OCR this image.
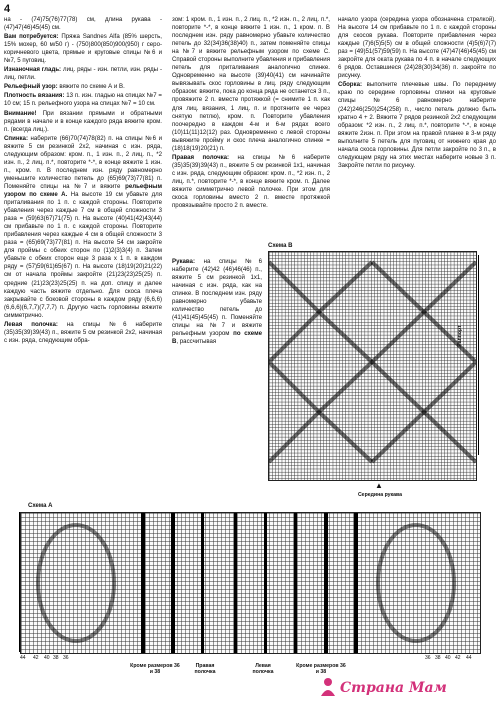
4

на - (74)75(76)77(78) см, длина рукава - (47)47(46)45(45) см.

Вам потребуется: Пряжа Sandnes Alfa (85% шерсть, 15% мохер, 60 м/50 г) - (750)800(850)900(950) г серо-коричневого цвета, прямые и круговые спицы №6 и №7, 5 пуговиц.

Изнаночная гладь: лиц. ряды - изн. петли, изн. ряды - лиц. петли.

Рельефный узор: вяжите по схеме А и В.

Плотность вязания: 13 п. изн. гладью на спицах №7 = 10 см; 15 п. рельефного узора на спицах №7 = 10 см.

Внимание! При вязании прямыми и обратными рядами в начале и в конце каждого ряда вяжите кром. п. (всегда лиц.).

Спинка: наберите (66)70(74)78(82) п. на спицы №6 и вяжите 5 см резинкой 2х2, начиная с изн. ряда, следующим образом: кром. п., 1 изн. п., 2 лиц. п., *2 изн. п., 2 лиц. п.*, повторите *-*, в конце вяжите 1 изн. п., кром. п. В последнем изн. ряду равномерно уменьшите количество петель до (65)69(73)77(81) п. Поменяйте спицы на №7 и вяжите рельефным узором по схеме А. На высоте 19 см убавьте для приталивания по 1 п. с каждой стороны. Повторите убавления через каждые 7 см в общей сложности 3 раза = (59)63(67)71(75) п. На высоте (40)41(42)43(44) см прибавьте по 1 п. с каждой стороны. Повторите прибавления через каждые 4 см в общей сложности 3 раза = (65)69(73)77(81) п. На высоте 54 см закройте для проймы с обеих сторон по (1)2(3)3(4) п. Затем убавьте с обеих сторон еще 3 раза х 1 п. в каждом ряду = (57)59(61)65(67) п. На высоте (18)19(20)21(22) см от начала проймы закройте (21)23(23)25(25) п. средние (21)23(23)25(25) п. на доп. спицу и далее каждую часть вяжите отдельно. Для скоса плеча закрывайте с боковой стороны в каждом ряду (6,6,6)(6,6,6)(6,7,7)(7,7,7) п. Другую часть горловины вяжите симметрично.

Левая полочка: на спицы №6 наберите (35)35(39)39(43) п., вяжите 5 см резинкой 2х2, начиная с изн. ряда, следующим обра-

зом: 1 кром. п., 1 изн. п., 2 лиц. п., *2 изн. п., 2 лиц. п.*, повторите *-*, в конце вяжите 1 изн. п., 1 кром. п. В последнем изн. ряду равномерно убавьте количество петель до 32(34)36(38)40) п., затем поменяйте спицы на №7 и вяжите рельефным узором по схеме С. Справой стороны выполните убавления и прибавления петель для приталивания аналогично спинке. Одновременно на высоте (39)40(41) см начинайте вывязывать скос горловины в лиц. ряду следующим образом: вяжите, пока до конца ряда не останется 3 п., провяжите 2 п. вместе протяжкой (= снимите 1 п. как для лиц. вязания, 1 лиц. п. и протяните ее через снятую петлю), кром. п. Повторите убавления поочередно в каждом 4-м и 6-м рядах всего (10)11(11)12(12) раз. Одновременно с левой стороны вывяжите пройму и скос плеча аналогично спинке = (18)18(19)20(21) п.

Правая полочка: на спицы №6 наберите (35)35(39)39(43) п., вяжите 5 см резинкой 1х1, начиная с изн. ряда, следующим образом: кром. п., *2 изн. п., 2 лиц. п.*, повторите *-*, в конце вяжите кром. п. Далее вяжите симметрично левой полочке. При этом для скоса горловины вместо 2 п. вместе протяжкой провязывайте просто 2 п. вместе.

Рукава: на спицы №6 наберите (42)42 (46)46(46) п., вяжите 5 см резинкой 1х1, начиная с изн. ряда, как на спинке. В последнем изн. ряду равномерно убавьте количество петель до (41)41(45)45(45) п. Поменяйте спицы на №7 и вяжите рельефным узором по схеме В, рассчитывая

начало узора (середина узора обозначена стрелкой). На высоте 14 см прибавьте по 1 п. с каждой стороны для скосов рукава. Повторите прибавления через каждые (7)6(5)5(5) см в общей сложности (4)5(6)7(7) раз = (49)51(57)59(59) п. На высоте (47)47(46)45(45) см закройте для оката рукава по 4 п. в начале следующих 6 рядов. Оставшиеся (24)28(30)34(36) п. закройте по рисунку.

Сборка: выполните плечевые швы. По переднему краю по середине горловины спинки на круговые спицы №6 равномерно наберите (242)246(250)254(258) п., число петель должно быть кратно 4 + 2. Вяжите 7 рядов резинкой 2х2 следующим образом: *2 изн. п., 2 лиц. п.*, повторите *-*, в конце вяжите 2изн. п. При этом на правой планке в 3-м ряду выполните 5 петель для пуговиц от нижнего края до начала скоса горловины. Для петли закройте по 3 п., в следующем ряду на этих местах наберите новые 3 п. Закройте петли по рисунку.

Схема В
Раппорт
▲
Середина рукава
Схема А
44 42 40 38 36	36 38 40 42 44
Кроме размеров 36 и 38
Правая полочка
Левая полочка
Кроме размеров 36 и 38
Страна Мам
